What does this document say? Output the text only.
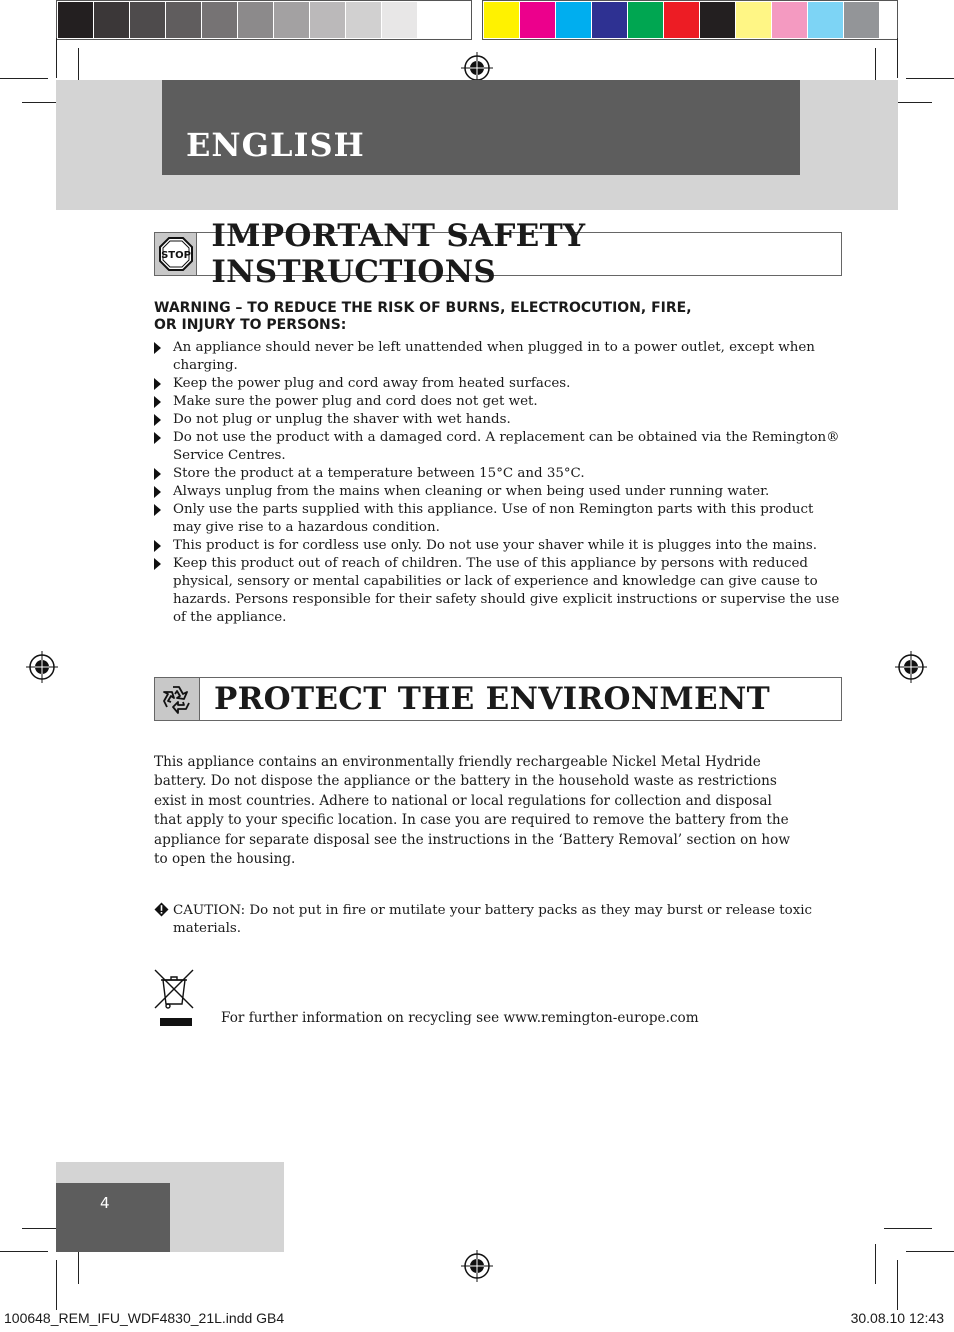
ENGLISH
STOP
IMPORTANT SAFETY INSTRUCTIONS
WARNING – TO REDUCE THE RISK OF BURNS, ELECTROCUTION, FIRE,
OR INJURY TO PERSONS:
An appliance should never be left unattended when plugged in to a power outlet, except when charging.
Keep the power plug and cord away from heated surfaces.
Make sure the power plug and cord does not get wet.
Do not plug or unplug the shaver with wet hands.
Do not use the product with a damaged cord. A replacement can be obtained via the Remington® Service Centres.
Store the product at a temperature between 15°C and 35°C.
Always unplug from the mains when cleaning or when being used under running water.
Only use the parts supplied with this appliance. Use of non Remington parts with this product may give rise to a hazardous condition.
This product is for cordless use only. Do not use your shaver while it is plugges into the mains.
Keep this product out of reach of children. The use of this appliance by persons with reduced physical, sensory or mental capabilities or lack of experience and knowledge can give cause to hazards. Persons responsible for their safety should give explicit instructions or supervise the use of the appliance.
PROTECT THE ENVIRONMENT
This appliance contains an environmentally friendly rechargeable Nickel Metal Hydride battery. Do not dispose the appliance or the battery in the household waste as restrictions exist in most countries. Adhere to national or local regulations for collection and disposal that apply to your specific location. In case you are required to remove the battery from the appliance for separate disposal see the instructions in the ‘Battery Removal’ section on how to open the housing.
CAUTION: Do not put in fire or mutilate your battery packs as they may burst or release toxic materials.
For further information on recycling see www.remington-europe.com
4
100648_REM_IFU_WDF4830_21L.indd GB4	30.08.10 12:43
